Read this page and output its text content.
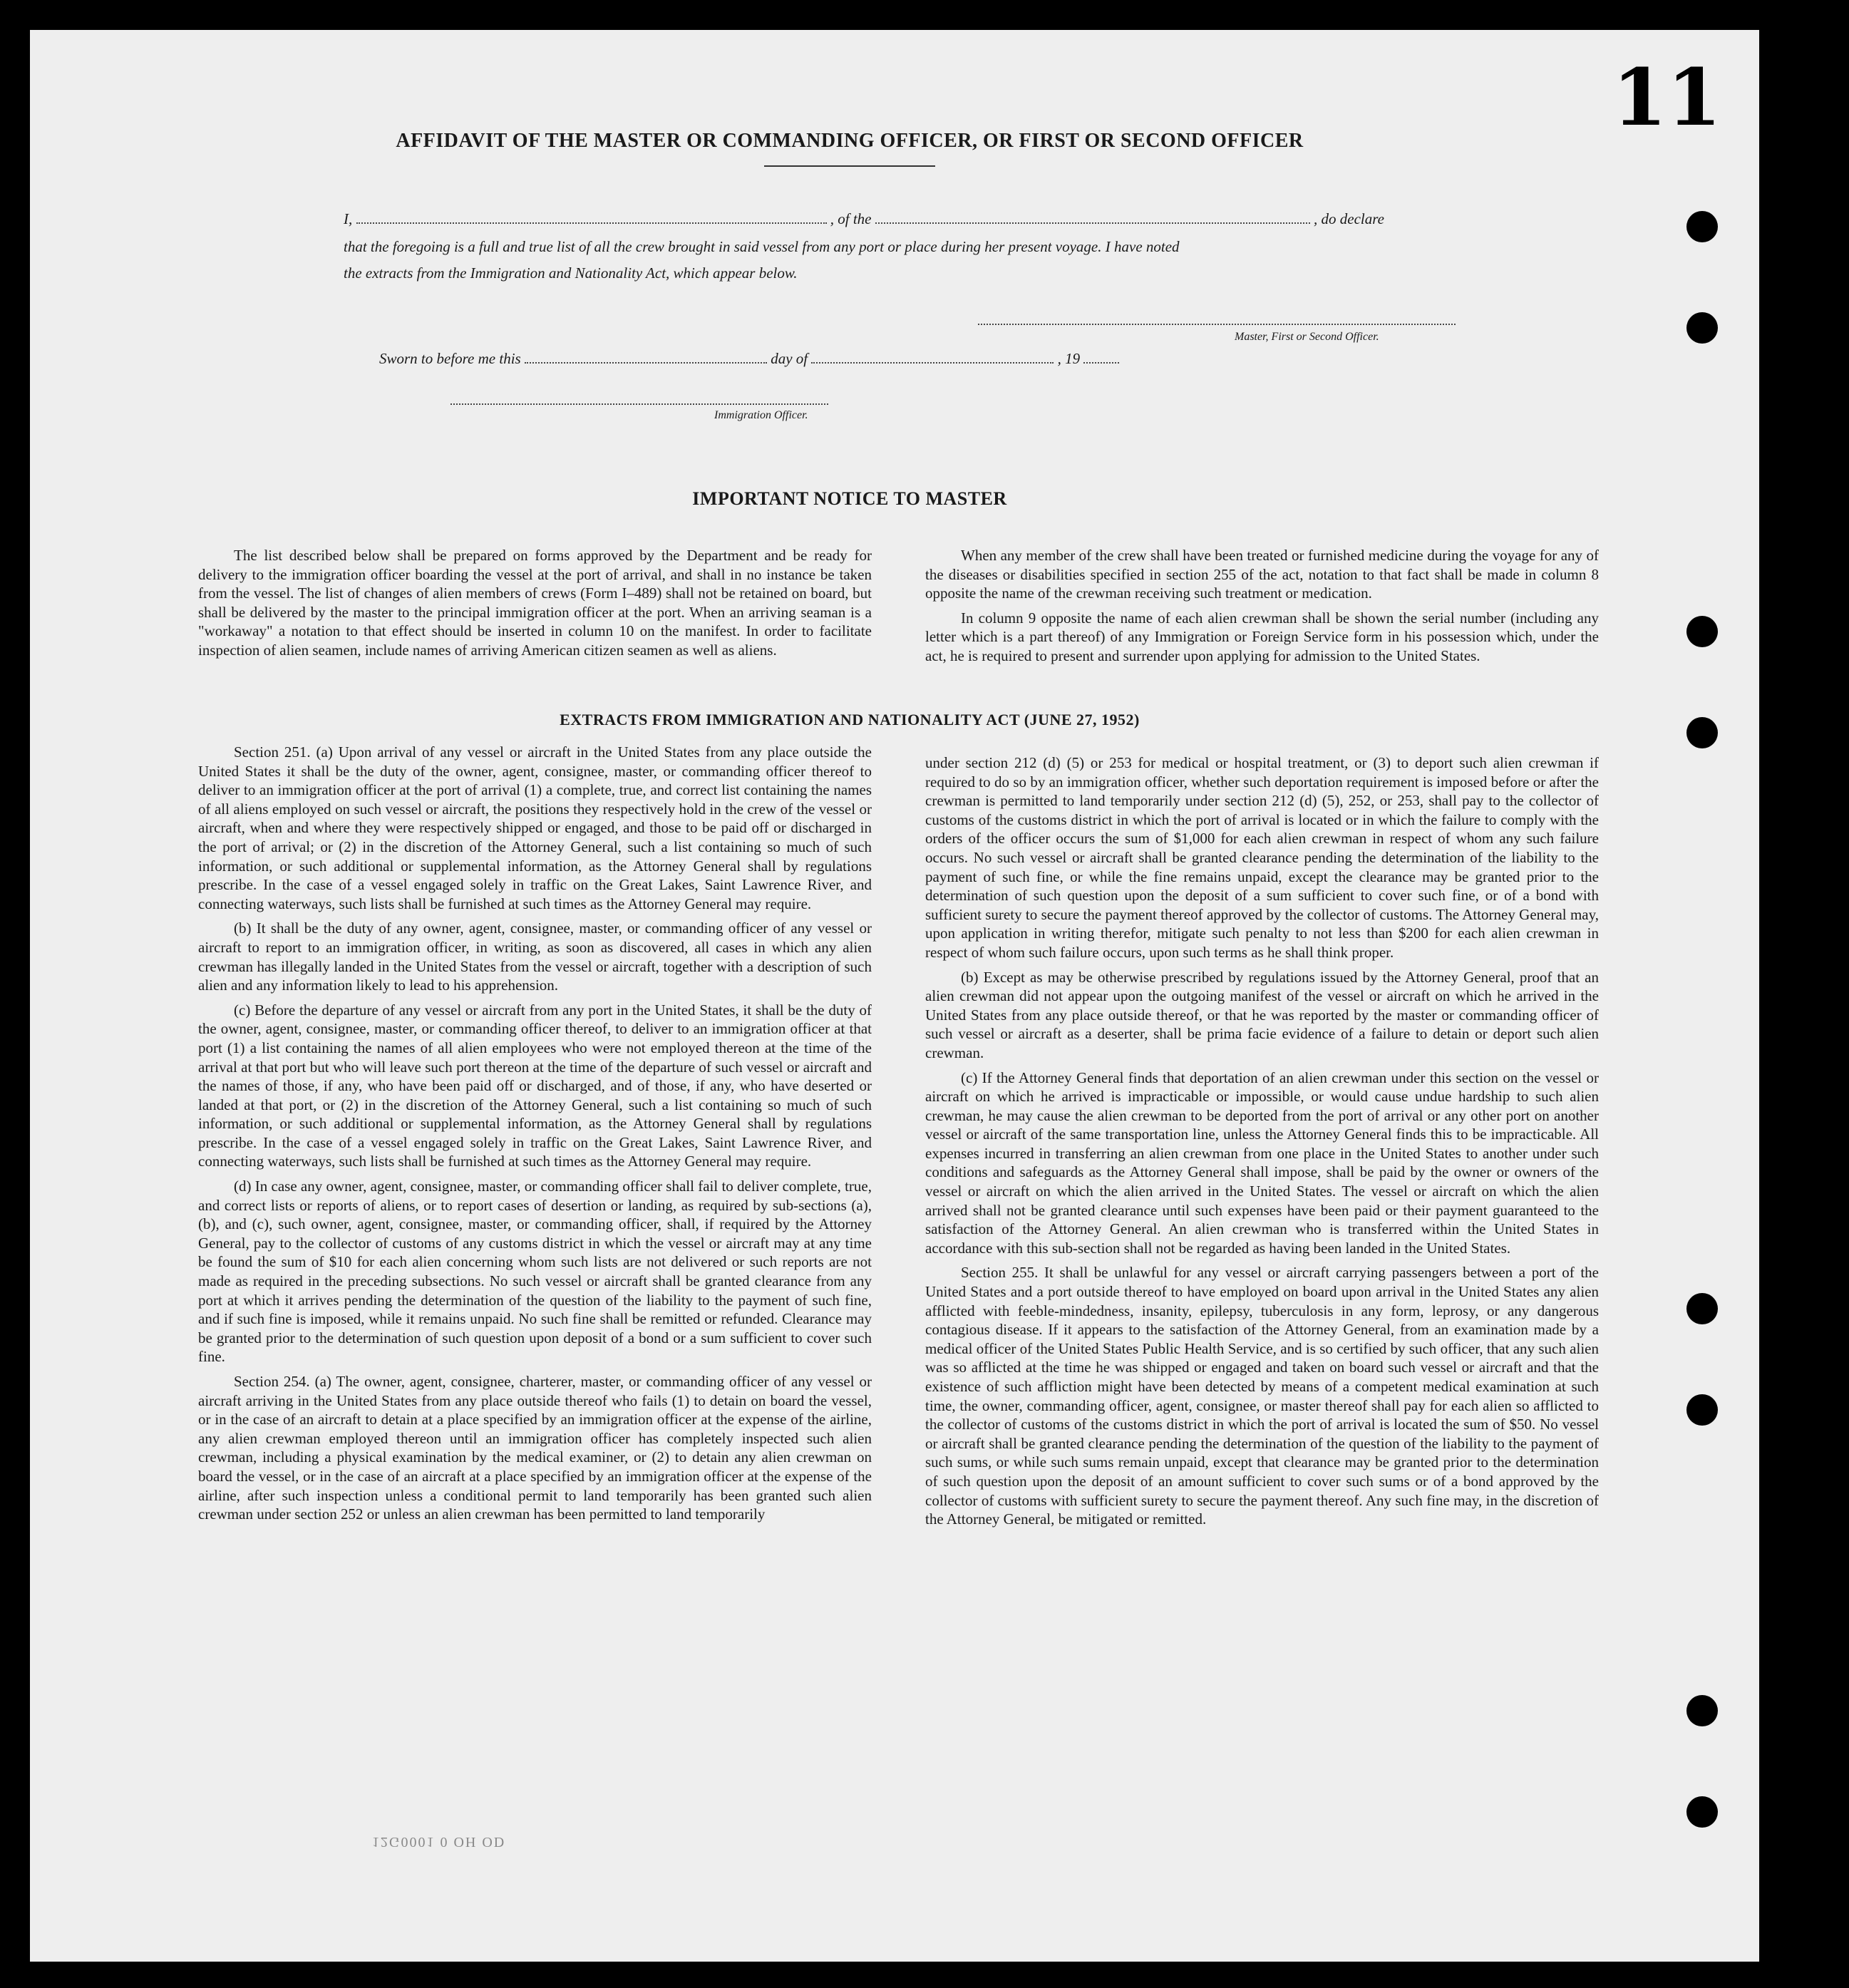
11
AFFIDAVIT OF THE MASTER OR COMMANDING OFFICER, OR FIRST OR SECOND OFFICER
I,	, of the	, do declare
that the foregoing is a full and true list of all the crew brought in said vessel from any port or place during her present voyage. I have noted
the extracts from the Immigration and Nationality Act, which appear below.
Master, First or Second Officer.
Sworn to before me this	day of	, 19
Immigration Officer.
IMPORTANT NOTICE TO MASTER

The list described below shall be prepared on forms approved by the Department and be ready for delivery to the immigration officer boarding the vessel at the port of arrival, and shall in no instance be taken from the vessel. The list of changes of alien members of crews (Form I–489) shall not be retained on board, but shall be delivered by the master to the principal immigration officer at the port. When an arriving seaman is a "workaway" a notation to that effect should be inserted in column 10 on the manifest. In order to facilitate inspection of alien seamen, include names of arriving American citizen seamen as well as aliens.

When any member of the crew shall have been treated or furnished medicine during the voyage for any of the diseases or disabilities specified in section 255 of the act, notation to that fact shall be made in column 8 opposite the name of the crewman receiving such treatment or medication.

In column 9 opposite the name of each alien crewman shall be shown the serial number (including any letter which is a part thereof) of any Immigration or Foreign Service form in his possession which, under the act, he is required to present and surrender upon applying for admission to the United States.

EXTRACTS FROM IMMIGRATION AND NATIONALITY ACT (JUNE 27, 1952)

Section 251. (a) Upon arrival of any vessel or aircraft in the United States from any place outside the United States it shall be the duty of the owner, agent, consignee, master, or commanding officer thereof to deliver to an immigration officer at the port of arrival (1) a complete, true, and correct list containing the names of all aliens employed on such vessel or aircraft, the positions they respectively hold in the crew of the vessel or aircraft, when and where they were respectively shipped or engaged, and those to be paid off or discharged in the port of arrival; or (2) in the discretion of the Attorney General, such a list containing so much of such information, or such additional or supplemental information, as the Attorney General shall by regulations prescribe. In the case of a vessel engaged solely in traffic on the Great Lakes, Saint Lawrence River, and connecting waterways, such lists shall be furnished at such times as the Attorney General may require.

(b) It shall be the duty of any owner, agent, consignee, master, or commanding officer of any vessel or aircraft to report to an immigration officer, in writing, as soon as discovered, all cases in which any alien crewman has illegally landed in the United States from the vessel or aircraft, together with a description of such alien and any information likely to lead to his apprehension.

(c) Before the departure of any vessel or aircraft from any port in the United States, it shall be the duty of the owner, agent, consignee, master, or commanding officer thereof, to deliver to an immigration officer at that port (1) a list containing the names of all alien employees who were not employed thereon at the time of the arrival at that port but who will leave such port thereon at the time of the departure of such vessel or aircraft and the names of those, if any, who have been paid off or discharged, and of those, if any, who have deserted or landed at that port, or (2) in the discretion of the Attorney General, such a list containing so much of such information, or such additional or supplemental information, as the Attorney General shall by regulations prescribe. In the case of a vessel engaged solely in traffic on the Great Lakes, Saint Lawrence River, and connecting waterways, such lists shall be furnished at such times as the Attorney General may require.

(d) In case any owner, agent, consignee, master, or commanding officer shall fail to deliver complete, true, and correct lists or reports of aliens, or to report cases of desertion or landing, as required by sub-sections (a), (b), and (c), such owner, agent, consignee, master, or commanding officer, shall, if required by the Attorney General, pay to the collector of customs of any customs district in which the vessel or aircraft may at any time be found the sum of $10 for each alien concerning whom such lists are not delivered or such reports are not made as required in the preceding subsections. No such vessel or aircraft shall be granted clearance from any port at which it arrives pending the determination of the question of the liability to the payment of such fine, and if such fine is imposed, while it remains unpaid. No such fine shall be remitted or refunded. Clearance may be granted prior to the determination of such question upon deposit of a bond or a sum sufficient to cover such fine.

Section 254. (a) The owner, agent, consignee, charterer, master, or commanding officer of any vessel or aircraft arriving in the United States from any place outside thereof who fails (1) to detain on board the vessel, or in the case of an aircraft to detain at a place specified by an immigration officer at the expense of the airline, any alien crewman employed thereon until an immigration officer has completely inspected such alien crewman, including a physical examination by the medical examiner, or (2) to detain any alien crewman on board the vessel, or in the case of an aircraft at a place specified by an immigration officer at the expense of the airline, after such inspection unless a conditional permit to land temporarily has been granted such alien crewman under section 252 or unless an alien crewman has been permitted to land temporarily

under section 212 (d) (5) or 253 for medical or hospital treatment, or (3) to deport such alien crewman if required to do so by an immigration officer, whether such deportation requirement is imposed before or after the crewman is permitted to land temporarily under section 212 (d) (5), 252, or 253, shall pay to the collector of customs of the customs district in which the port of arrival is located or in which the failure to comply with the orders of the officer occurs the sum of $1,000 for each alien crewman in respect of whom any such failure occurs. No such vessel or aircraft shall be granted clearance pending the determination of the liability to the payment of such fine, or while the fine remains unpaid, except the clearance may be granted prior to the determination of such question upon the deposit of a sum sufficient to cover such fine, or of a bond with sufficient surety to secure the payment thereof approved by the collector of customs. The Attorney General may, upon application in writing therefor, mitigate such penalty to not less than $200 for each alien crewman in respect of whom such failure occurs, upon such terms as he shall think proper.

(b) Except as may be otherwise prescribed by regulations issued by the Attorney General, proof that an alien crewman did not appear upon the outgoing manifest of the vessel or aircraft on which he arrived in the United States from any place outside thereof, or that he was reported by the master or commanding officer of such vessel or aircraft as a deserter, shall be prima facie evidence of a failure to detain or deport such alien crewman.

(c) If the Attorney General finds that deportation of an alien crewman under this section on the vessel or aircraft on which he arrived is impracticable or impossible, or would cause undue hardship to such alien crewman, he may cause the alien crewman to be deported from the port of arrival or any other port on another vessel or aircraft of the same transportation line, unless the Attorney General finds this to be impracticable. All expenses incurred in transferring an alien crewman from one place in the United States to another under such conditions and safeguards as the Attorney General shall impose, shall be paid by the owner or owners of the vessel or aircraft on which the alien arrived in the United States. The vessel or aircraft on which the alien arrived shall not be granted clearance until such expenses have been paid or their payment guaranteed to the satisfaction of the Attorney General. An alien crewman who is transferred within the United States in accordance with this sub-section shall not be regarded as having been landed in the United States.

Section 255. It shall be unlawful for any vessel or aircraft carrying passengers between a port of the United States and a port outside thereof to have employed on board upon arrival in the United States any alien afflicted with feeble-mindedness, insanity, epilepsy, tuberculosis in any form, leprosy, or any dangerous contagious disease. If it appears to the satisfaction of the Attorney General, from an examination made by a medical officer of the United States Public Health Service, and is so certified by such officer, that any such alien was so afflicted at the time he was shipped or engaged and taken on board such vessel or aircraft and that the existence of such affliction might have been detected by means of a competent medical examination at such time, the owner, commanding officer, agent, consignee, or master thereof shall pay for each alien so afflicted to the collector of customs of the customs district in which the port of arrival is located the sum of $50. No vessel or aircraft shall be granted clearance pending the determination of the question of the liability to the payment of such sums, or while such sums remain unpaid, except that clearance may be granted prior to the determination of such question upon the deposit of an amount sufficient to cover such sums or of a bond approved by the collector of customs with sufficient surety to secure the payment thereof. Any such fine may, in the discretion of the Attorney General, be mitigated or remitted.

12G0001 0 OH OD
